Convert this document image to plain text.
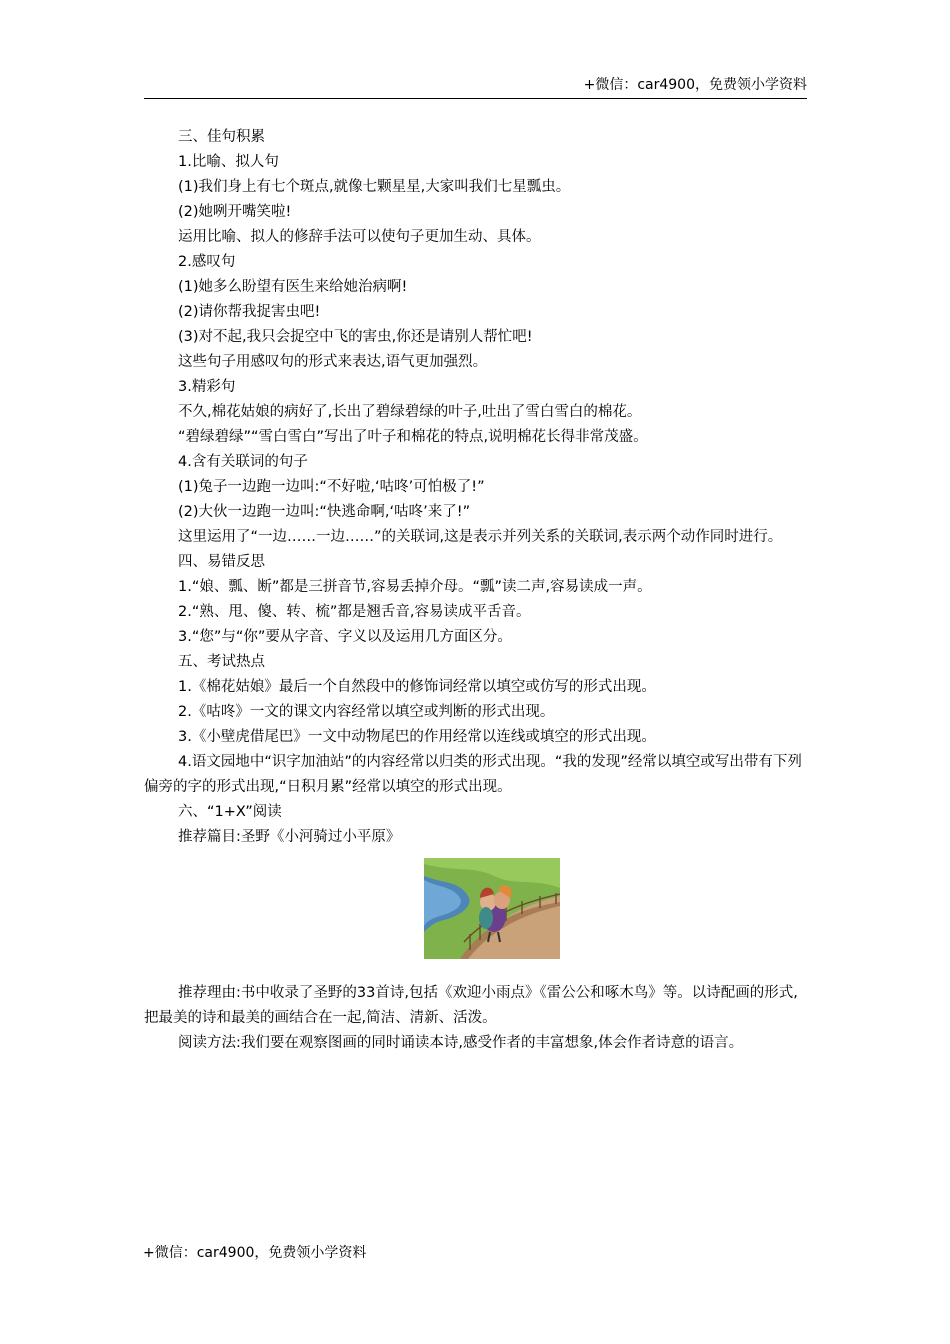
+微信：car4900，免费领小学资料

三、佳句积累

1.比喻、拟人句

(1)我们身上有七个斑点,就像七颗星星,大家叫我们七星瓢虫。

(2)她咧开嘴笑啦!

运用比喻、拟人的修辞手法可以使句子更加生动、具体。

2.感叹句

(1)她多么盼望有医生来给她治病啊!

(2)请你帮我捉害虫吧!

(3)对不起,我只会捉空中飞的害虫,你还是请别人帮忙吧!

这些句子用感叹句的形式来表达,语气更加强烈。

3.精彩句

不久,棉花姑娘的病好了,长出了碧绿碧绿的叶子,吐出了雪白雪白的棉花。

“碧绿碧绿”“雪白雪白”写出了叶子和棉花的特点,说明棉花长得非常茂盛。

4.含有关联词的句子

(1)兔子一边跑一边叫:“不好啦,‘咕咚’可怕极了!”

(2)大伙一边跑一边叫:“快逃命啊,‘咕咚’来了!”

这里运用了“一边……一边……”的关联词,这是表示并列关系的关联词,表示两个动作同时进行。

四、易错反思

1.“娘、瓢、断”都是三拼音节,容易丢掉介母。“瓢”读二声,容易读成一声。

2.“熟、甩、傻、转、梳”都是翘舌音,容易读成平舌音。

3.“您”与“你”要从字音、字义以及运用几方面区分。

五、考试热点

1.《棉花姑娘》最后一个自然段中的修饰词经常以填空或仿写的形式出现。

2.《咕咚》一文的课文内容经常以填空或判断的形式出现。

3.《小壁虎借尾巴》一文中动物尾巴的作用经常以连线或填空的形式出现。

4.语文园地中“识字加油站”的内容经常以归类的形式出现。“我的发现”经常以填空或写出带有下列偏旁的字的形式出现,“日积月累”经常以填空的形式出现。

六、“1+X”阅读

推荐篇目:圣野《小河骑过小平原》

推荐理由:书中收录了圣野的33首诗,包括《欢迎小雨点》《雷公公和啄木鸟》等。以诗配画的形式,把最美的诗和最美的画结合在一起,简洁、清新、活泼。

阅读方法:我们要在观察图画的同时诵读本诗,感受作者的丰富想象,体会作者诗意的语言。

+微信：car4900，免费领小学资料
